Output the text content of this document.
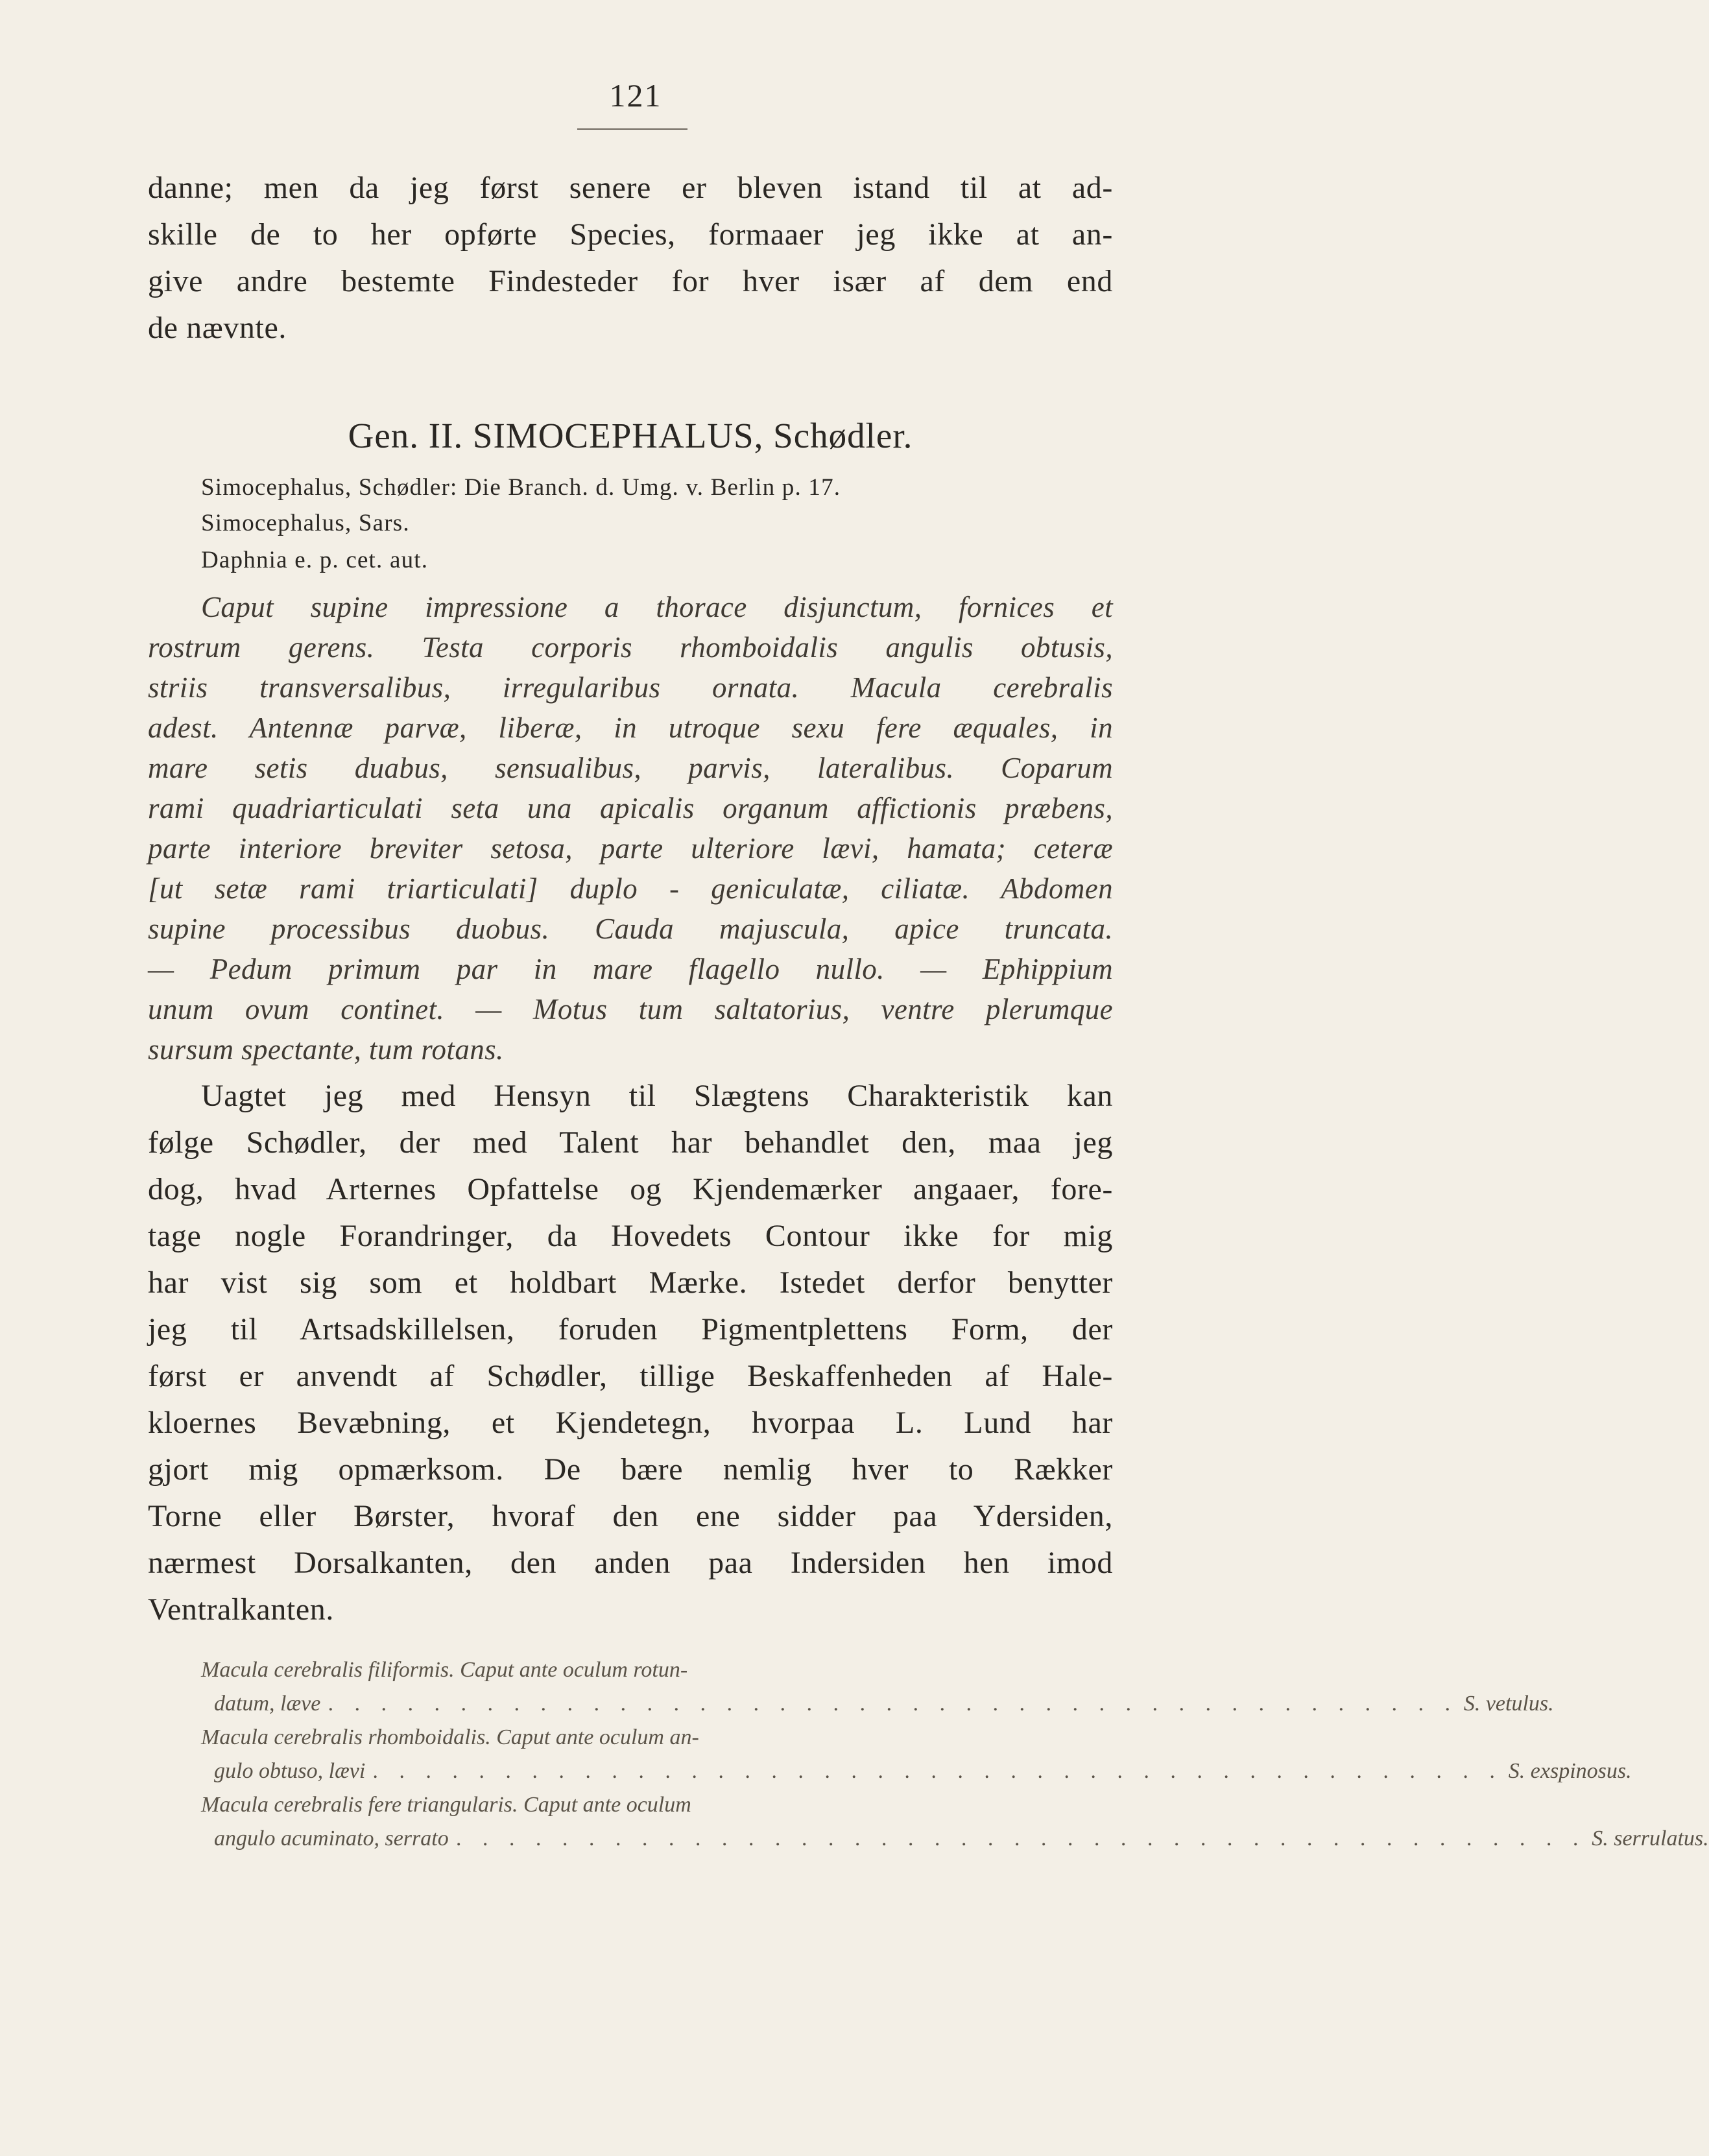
121
danne; men da jeg først senere er bleven istand til at ad-
skille de to her opførte Species, formaaer jeg ikke at an-
give andre bestemte Findesteder for hver især af dem end
de nævnte.
Gen. II. SIMOCEPHALUS, Schødler.
Simocephalus, Schødler: Die Branch. d. Umg. v. Berlin p. 17.
Simocephalus, Sars.
Daphnia e. p. cet. aut.
Caput supine impressione a thorace disjunctum, fornices et
rostrum gerens. Testa corporis rhomboidalis angulis obtusis,
striis transversalibus, irregularibus ornata. Macula cerebralis
adest. Antennæ parvæ, liberæ, in utroque sexu fere æquales, in
mare setis duabus, sensualibus, parvis, lateralibus. Coparum
rami quadriarticulati seta una apicalis organum affictionis præbens,
parte interiore breviter setosa, parte ulteriore lævi, hamata; ceteræ
[ut setæ rami triarticulati] duplo - geniculatæ, ciliatæ. Abdomen
supine processibus duobus. Cauda majuscula, apice truncata.
— Pedum primum par in mare flagello nullo. — Ephippium
unum ovum continet. — Motus tum saltatorius, ventre plerumque
sursum spectante, tum rotans.
Uagtet jeg med Hensyn til Slægtens Charakteristik kan
følge Schødler, der med Talent har behandlet den, maa jeg
dog, hvad Arternes Opfattelse og Kjendemærker angaaer, fore-
tage nogle Forandringer, da Hovedets Contour ikke for mig
har vist sig som et holdbart Mærke. Istedet derfor benytter
jeg til Artsadskillelsen, foruden Pigmentplettens Form, der
først er anvendt af Schødler, tillige Beskaffenheden af Hale-
kloernes Bevæbning, et Kjendetegn, hvorpaa L. Lund har
gjort mig opmærksom. De bære nemlig hver to Rækker
Torne eller Børster, hvoraf den ene sidder paa Ydersiden,
nærmest Dorsalkanten, den anden paa Indersiden hen imod
Ventralkanten.
Macula cerebralis filiformis. Caput ante oculum rotun-
datum, læve . . . . . . . . . . . . . . . . . . . . . . . . . . . . . . . . . . . . . . . . . . . S. vetulus.
Macula cerebralis rhomboidalis. Caput ante oculum an-
gulo obtuso, lævi . . . . . . . . . . . . . . . . . . . . . . . . . . . . . . . . . . . . . . . . . . . S. exspinosus.
Macula cerebralis fere triangularis. Caput ante oculum
angulo acuminato, serrato . . . . . . . . . . . . . . . . . . . . . . . . . . . . . . . . . . . . . . . . . . . S. serrulatus.
